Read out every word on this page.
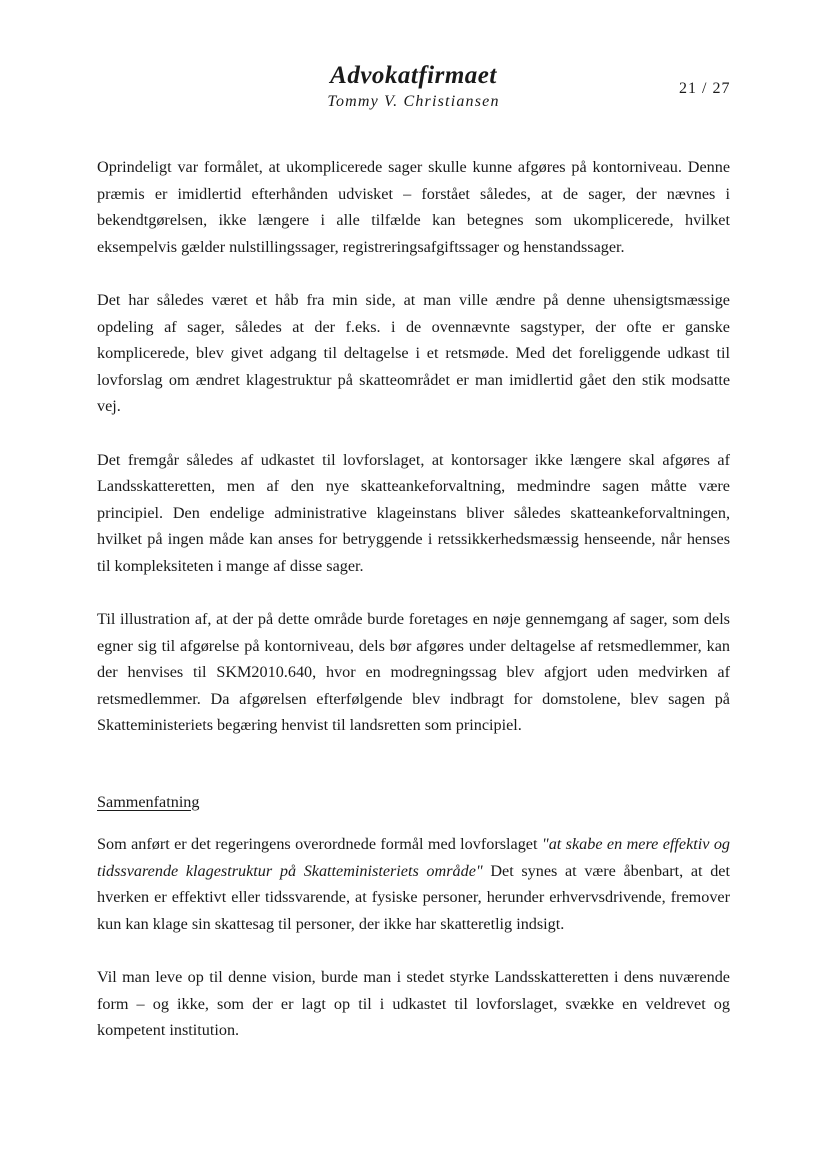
Advokatfirmaet
Tommy V. Christiansen
21 / 27

Oprindeligt var formålet, at ukomplicerede sager skulle kunne afgøres på kontorniveau. Denne præmis er imidlertid efterhånden udvisket – forstået således, at de sager, der nævnes i bekendtgørelsen, ikke længere i alle tilfælde kan betegnes som ukomplicerede, hvilket eksempelvis gælder nulstillingssager, registreringsafgiftssager og henstandssager.

Det har således været et håb fra min side, at man ville ændre på denne uhensigtsmæssige opdeling af sager, således at der f.eks. i de ovennævnte sagstyper, der ofte er ganske komplicerede, blev givet adgang til deltagelse i et retsmøde. Med det foreliggende udkast til lovforslag om ændret klagestruktur på skatteområdet er man imidlertid gået den stik modsatte vej.

Det fremgår således af udkastet til lovforslaget, at kontorsager ikke længere skal afgøres af Landsskatteretten, men af den nye skatteankeforvaltning, medmindre sagen måtte være principiel. Den endelige administrative klageinstans bliver således skatteankeforvaltningen, hvilket på ingen måde kan anses for betryggende i retssikkerhedsmæssig henseende, når henses til kompleksiteten i mange af disse sager.

Til illustration af, at der på dette område burde foretages en nøje gennemgang af sager, som dels egner sig til afgørelse på kontorniveau, dels bør afgøres under deltagelse af retsmedlemmer, kan der henvises til SKM2010.640, hvor en modregningssag blev afgjort uden medvirken af retsmedlemmer. Da afgørelsen efterfølgende blev indbragt for domstolene, blev sagen på Skatteministeriets begæring henvist til landsretten som principiel.

Sammenfatning

Som anført er det regeringens overordnede formål med lovforslaget "at skabe en mere effektiv og tidssvarende klagestruktur på Skatteministeriets område" Det synes at være åbenbart, at det hverken er effektivt eller tidssvarende, at fysiske personer, herunder erhvervsdrivende, fremover kun kan klage sin skattesag til personer, der ikke har skatteretlig indsigt.

Vil man leve op til denne vision, burde man i stedet styrke Landsskatteretten i dens nuværende form – og ikke, som der er lagt op til i udkastet til lovforslaget, svække en veldrevet og kompetent institution.
